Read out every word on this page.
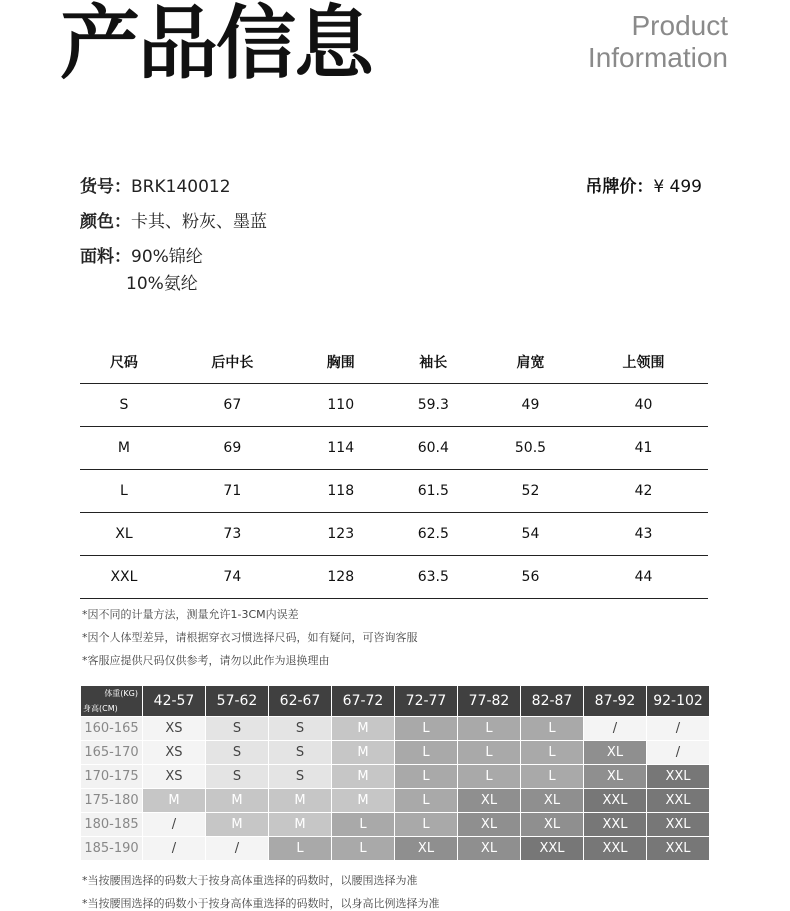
产品信息	Product
Information
货号：BRK140012	吊牌价：¥ 499
颜色：卡其、粉灰、墨蓝
面料：90%锦纶
10%氨纶
尺码	后中长	胸围	袖长	肩宽	上领围
S	67	110	59.3	49	40
M	69	114	60.4	50.5	41
L	71	118	61.5	52	42
XL	73	123	62.5	54	43
XXL	74	128	63.5	56	44
*因不同的计量方法，测量允许1-3CM内误差
*因个人体型差异，请根据穿衣习惯选择尺码，如有疑问，可咨询客服
*客服应提供尺码仅供参考，请勿以此作为退换理由
体重(KG)
身高(CM)	42-57	57-62	62-67	67-72	72-77	77-82	82-87	87-92	92-102
160-165	XS	S	S	M	L	L	L	/	/
165-170	XS	S	S	M	L	L	L	XL	/
170-175	XS	S	S	M	L	L	L	XL	XXL
175-180	M	M	M	M	L	XL	XL	XXL	XXL
180-185	/	M	M	L	L	XL	XL	XXL	XXL
185-190	/	/	L	L	XL	XL	XXL	XXL	XXL
*当按腰围选择的码数大于按身高体重选择的码数时，以腰围选择为准
*当按腰围选择的码数小于按身高体重选择的码数时，以身高比例选择为准
